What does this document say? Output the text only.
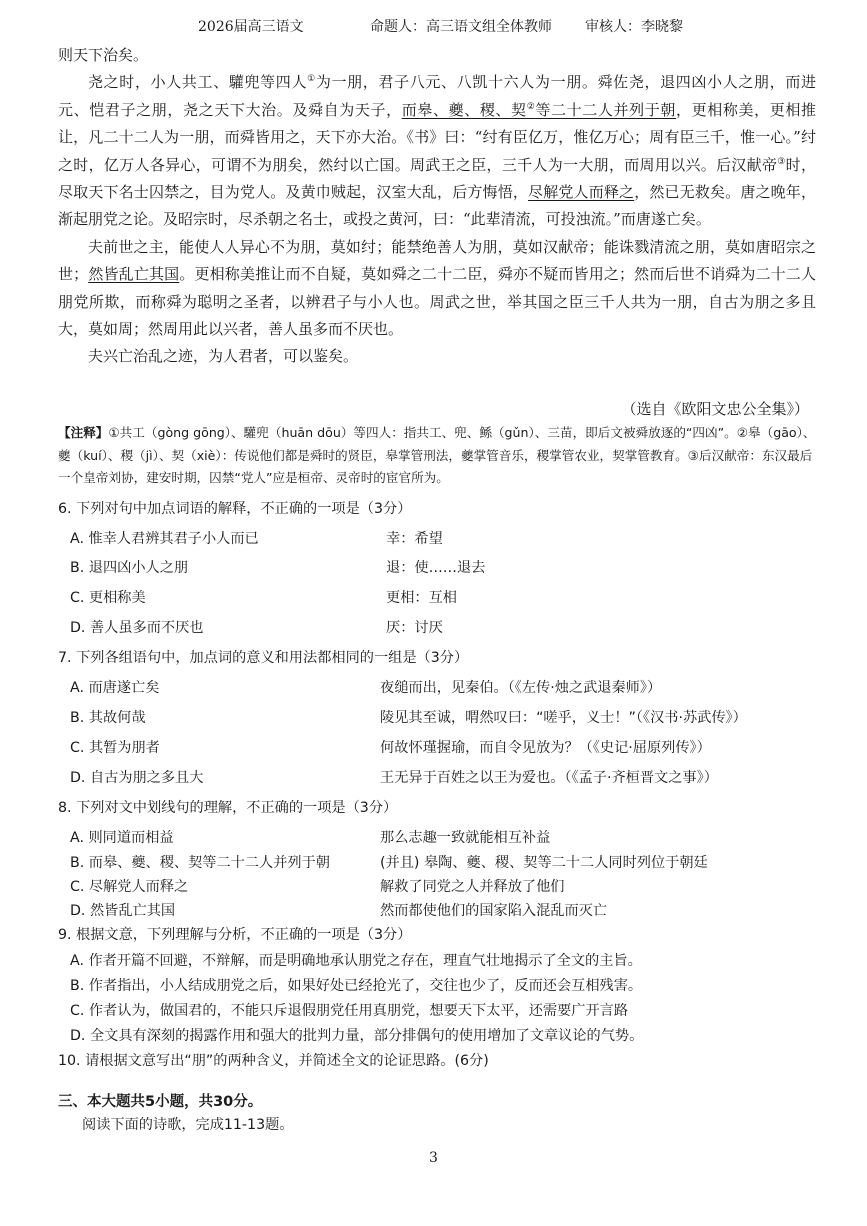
2026届高三语文	命题人：高三语文组全体教师 审核人：李晓黎

则天下治矣。

尧之时，小人共工、驩兜等四人①为一朋，君子八元、八凯十六人为一朋。舜佐尧，退四凶小人之朋，而进元、恺君子之朋，尧之天下大治。及舜自为天子，而皋、夔、稷、契②等二十二人并列于朝，更相称美，更相推让，凡二十二人为一朋，而舜皆用之，天下亦大治。《书》曰：“纣有臣亿万，惟亿万心；周有臣三千，惟一心。”纣之时，亿万人各异心，可谓不为朋矣，然纣以亡国。周武王之臣，三千人为一大朋，而周用以兴。后汉献帝③时，尽取天下名士囚禁之，目为党人。及黄巾贼起，汉室大乱，后方悔悟，尽解党人而释之，然已无救矣。唐之晚年，渐起朋党之论。及昭宗时，尽杀朝之名士，或投之黄河，曰：“此辈清流，可投浊流。”而唐遂亡矣。

夫前世之主，能使人人异心不为朋，莫如纣；能禁绝善人为朋，莫如汉献帝；能诛戮清流之朋，莫如唐昭宗之世；然皆乱亡其国。更相称美推让而不自疑，莫如舜之二十二臣，舜亦不疑而皆用之；然而后世不诮舜为二十二人朋党所欺，而称舜为聪明之圣者，以辨君子与小人也。周武之世，举其国之臣三千人共为一朋，自古为朋之多且大，莫如周；然周用此以兴者，善人虽多而不厌也。

夫兴亡治乱之迹，为人君者，可以鉴矣。

（选自《欧阳文忠公全集》）
【注释】①共工（gòng gōng）、驩兜（huān dōu）等四人：指共工、兜、鲧（gǔn）、三苗，即后文被舜放逐的“四凶”。②皋（gāo）、夔（kuí）、稷（jì）、契（xiè）：传说他们都是舜时的贤臣，皋掌管刑法，夔掌管音乐，稷掌管农业，契掌管教育。③后汉献帝：东汉最后一个皇帝刘协，建安时期，囚禁“党人”应是桓帝、灵帝时的宦官所为。
6. 下列对句中加点词语的解释，不正确的一项是（3分）
A. 惟幸人君辨其君子小人而已	幸：希望
B. 退四凶小人之朋	退：使……退去
C. 更相称美	更相：互相
D. 善人虽多而不厌也	厌：讨厌
7. 下列各组语句中，加点词的意义和用法都相同的一组是（3分）
A. 而唐遂亡矣	夜缒而出，见秦伯。（《左传·烛之武退秦师》）
B. 其故何哉	陵见其至诚，喟然叹曰：“嗟乎，义士！”（《汉书·苏武传》）
C. 其暂为朋者	何故怀瑾握瑜，而自令见放为？（《史记·屈原列传》）
D. 自古为朋之多且大	王无异于百姓之以王为爱也。（《孟子·齐桓晋文之事》）
8. 下列对文中划线句的理解，不正确的一项是（3分）
A. 则同道而相益	那么志趣一致就能相互补益
B. 而皋、夔、稷、契等二十二人并列于朝	(并且) 皋陶、夔、稷、契等二十二人同时列位于朝廷
C. 尽解党人而释之	解救了同党之人并释放了他们
D. 然皆乱亡其国	然而都使他们的国家陷入混乱而灭亡
9. 根据文意，下列理解与分析，不正确的一项是（3分）
A. 作者开篇不回避，不辩解，而是明确地承认朋党之存在，理直气壮地揭示了全文的主旨。
B. 作者指出，小人结成朋党之后，如果好处已经抢光了，交往也少了，反而还会互相残害。
C. 作者认为，做国君的，不能只斥退假朋党任用真朋党，想要天下太平，还需要广开言路
D. 全文具有深刻的揭露作用和强大的批判力量，部分排偶句的使用增加了文章议论的气势。
10. 请根据文意写出“朋”的两种含义，并简述全文的论证思路。(6分)
三、本大题共5小题，共30分。
阅读下面的诗歌，完成11-13题。
3
